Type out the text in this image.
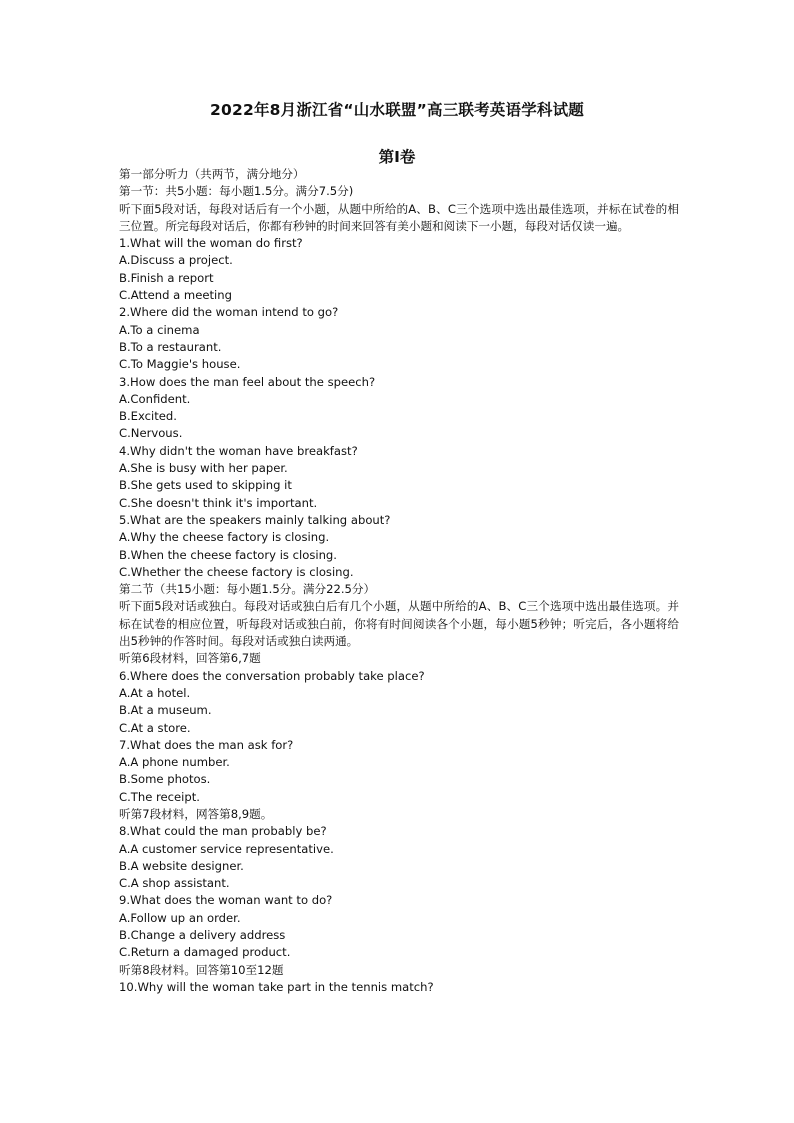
2022年8月浙江省“山水联盟”高三联考英语学科试题
第I卷
第一部分听力（共两节，满分地分）
第一节：共5小题：每小题1.5分。满分7.5分)
听下面5段对话，每段对话后有一个小题，从题中所给的A、B、C三个选项中选出最佳选项，并标在试卷的相三位置。所完每段对话后，你都有秒钟的时间来回答有美小题和阅读下一小题，每段对话仅读一遍。
1.What will the woman do first?
A.Discuss a project.
B.Finish a report
C.Attend a meeting
2.Where did the woman intend to go?
A.To a cinema
B.To a restaurant.
C.To Maggie's house.
3.How does the man feel about the speech?
A.Confident.
B.Excited.
C.Nervous.
4.Why didn't the woman have breakfast?
A.She is busy with her paper.
B.She gets used to skipping it
C.She doesn't think it's important.
5.What are the speakers mainly talking about?
A.Why the cheese factory is closing.
B.When the cheese factory is closing.
C.Whether the cheese factory is closing.
第二节（共15小题：每小题1.5分。满分22.5分）
听下面5段对话或独白。每段对话或独白后有几个小题，从题中所给的A、B、C三个选项中选出最佳选项。并标在试卷的相应位置，听每段对话或独白前，你将有时间阅读各个小题，每小题5秒钟；听完后，各小题将给出5秒钟的作答时间。每段对话或独白读两通。
听第6段材料，回答第6,7题
6.Where does the conversation probably take place?
A.At a hotel.
B.At a museum.
C.At a store.
7.What does the man ask for?
A.A phone number.
B.Some photos.
C.The receipt.
听第7段材料，网答第8,9题。
8.What could the man probably be?
A.A customer service representative.
B.A website designer.
C.A shop assistant.
9.What does the woman want to do?
A.Follow up an order.
B.Change a delivery address
C.Return a damaged product.
听第8段材料。回答第10至12题
10.Why will the woman take part in the tennis match?
